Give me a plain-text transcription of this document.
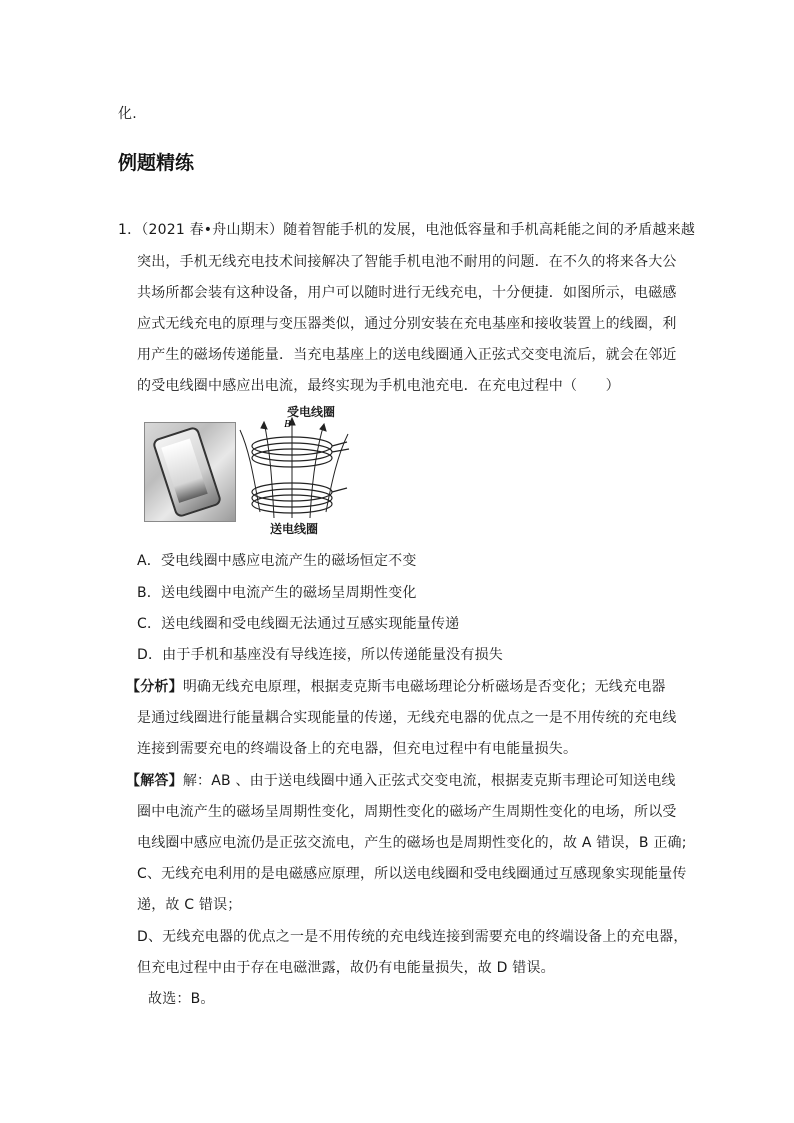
化.
例题精练
1．（2021 春•舟山期末）随着智能手机的发展，电池低容量和手机高耗能之间的矛盾越来越
突出，手机无线充电技术间接解决了智能手机电池不耐用的问题．在不久的将来各大公
共场所都会装有这种设备，用户可以随时进行无线充电，十分便捷．如图所示，电磁感
应式无线充电的原理与变压器类似，通过分别安装在充电基座和接收装置上的线圈，利
用产生的磁场传递能量．当充电基座上的送电线圈通入正弦式交变电流后，就会在邻近
的受电线圈中感应出电流，最终实现为手机电池充电．在充电过程中（　　）
B
受电线圈
送电线圈
A．受电线圈中感应电流产生的磁场恒定不变
B．送电线圈中电流产生的磁场呈周期性变化
C．送电线圈和受电线圈无法通过互感实现能量传递
D．由于手机和基座没有导线连接，所以传递能量没有损失
【分析】明确无线充电原理，根据麦克斯韦电磁场理论分析磁场是否变化；无线充电器
是通过线圈进行能量耦合实现能量的传递，无线充电器的优点之一是不用传统的充电线
连接到需要充电的终端设备上的充电器，但充电过程中有电能量损失。
【解答】解：AB 、由于送电线圈中通入正弦式交变电流，根据麦克斯韦理论可知送电线
圈中电流产生的磁场呈周期性变化，周期性变化的磁场产生周期性变化的电场，所以受
电线圈中感应电流仍是正弦交流电，产生的磁场也是周期性变化的，故 A 错误，B 正确;
C、无线充电利用的是电磁感应原理，所以送电线圈和受电线圈通过互感现象实现能量传
递，故 C 错误；
D、无线充电器的优点之一是不用传统的充电线连接到需要充电的终端设备上的充电器，
但充电过程中由于存在电磁泄露，故仍有电能量损失，故 D 错误。
故选：B。
